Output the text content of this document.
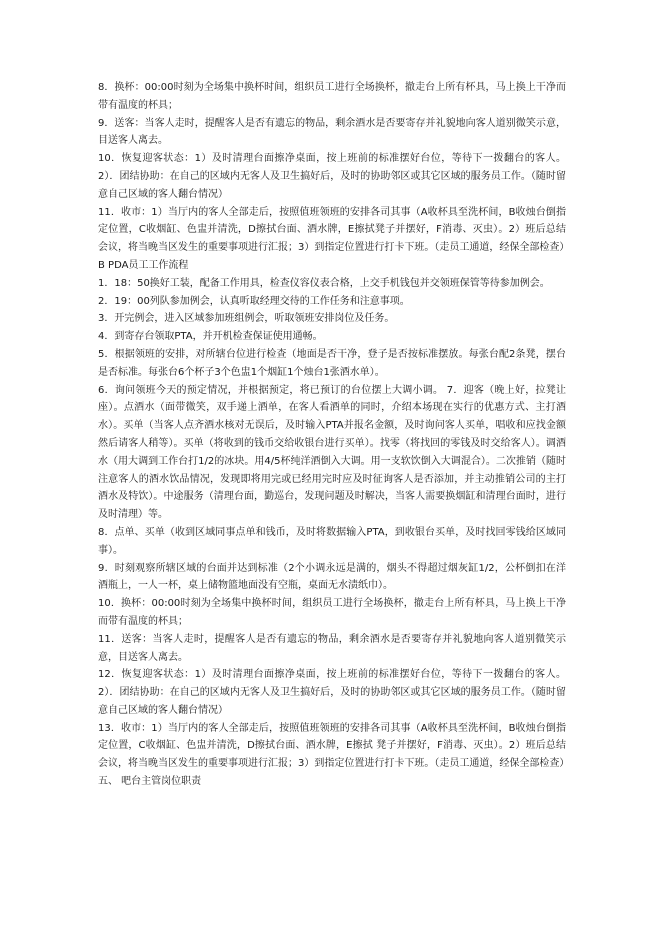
8．换杯：00:00时刻为全场集中换杯时间，组织员工进行全场换杯，撤走台上所有杯具，马上换上干净而带有温度的杯具；

9．送客：当客人走时，提醒客人是否有遗忘的物品，剩余酒水是否要寄存并礼貌地向客人道别微笑示意，目送客人离去。

10．恢复迎客状态：1）及时清理台面擦净桌面，按上班前的标准摆好台位，等待下一拨翻台的客人。2）．团结协助：在自己的区域内无客人及卫生搞好后，及时的协助邻区或其它区域的服务员工作。（随时留意自己区域的客人翻台情况）

11．收市：1）当厅内的客人全部走后，按照值班领班的安排各司其事（A收杯具至洗杯间，B收烛台倒指定位置，C收烟缸、色盅并清洗，D擦拭台面、酒水牌，E擦拭凳子并摆好，F消毒、灭虫）。2）班后总结会议，将当晚当区发生的重要事项进行汇报；3）到指定位置进行打卡下班。（走员工通道，经保全部检查）

B PDA员工工作流程

1．18：50换好工装，配备工作用具，检查仪容仪表合格，上交手机钱包并交领班保管等待参加例会。

2．19：00列队参加例会，认真听取经理交待的工作任务和注意事项。

3．开完例会，进入区域参加班组例会，听取领班安排岗位及任务。

4．到寄存台领取PTA，并开机检查保证使用通畅。

5．根据领班的安排，对所辖台位进行检查（地面是否干净，登子是否按标准摆放。每张台配2条凳，摆台是否标准。每张台6个杯子3个色盅1个烟缸1个烛台1张酒水单）。

6．询问领班今天的预定情况，并根据预定，将已预订的台位摆上大调小调。 7．迎客（晚上好，拉凳让座）。点酒水（面带微笑，双手递上酒单，在客人看酒单的同时，介绍本场现在实行的优惠方式、主打酒水）。买单（当客人点齐酒水核对无误后，及时输入PTA并报名金额，及时询问客人买单，唱收和应找金额然后请客人稍等）。买单（将收到的钱币交给收银台进行买单）。找零（将找回的零钱及时交给客人）。调酒水（用大调到工作台打1/2的冰块。用4/5杯纯洋酒倒入大调。用一支软饮倒入大调混合）。二次推销（随时注意客人的酒水饮品情况，发现即将用完或已经用完时应及时征询客人是否添加，并主动推销公司的主打酒水及特饮）。中途服务（清理台面，勤巡台，发现问题及时解决，当客人需要换烟缸和清理台面时，进行及时清理）等。

8．点单、买单（收到区域同事点单和钱币，及时将数据输入PTA，到收银台买单，及时找回零钱给区域同事）。

9．时刻观察所辖区域的台面并达到标准（2个小调永远是满的，烟头不得超过烟灰缸1/2，公杯倒扣在洋酒瓶上，一人一杯，桌上储物篮地面没有空瓶，桌面无水渍纸巾）。

10．换杯：00:00时刻为全场集中换杯时间，组织员工进行全场换杯，撤走台上所有杯具，马上换上干净而带有温度的杯具；

11．送客：当客人走时，提醒客人是否有遗忘的物品，剩余酒水是否要寄存并礼貌地向客人道别微笑示意，目送客人离去。

12．恢复迎客状态：1）及时清理台面擦净桌面，按上班前的标准摆好台位，等待下一拨翻台的客人。2）．团结协助：在自己的区域内无客人及卫生搞好后，及时的协助邻区或其它区域的服务员工作。（随时留意自己区域的客人翻台情况）

13．收市：1）当厅内的客人全部走后，按照值班领班的安排各司其事（A收杯具至洗杯间，B收烛台倒指定位置，C收烟缸、色盅并清洗，D擦拭台面、酒水牌，E擦拭 凳子并摆好，F消毒、灭虫）。2）班后总结会议，将当晚当区发生的重要事项进行汇报；3）到指定位置进行打卡下班。（走员工通道，经保全部检查）

五、 吧台主管岗位职责
